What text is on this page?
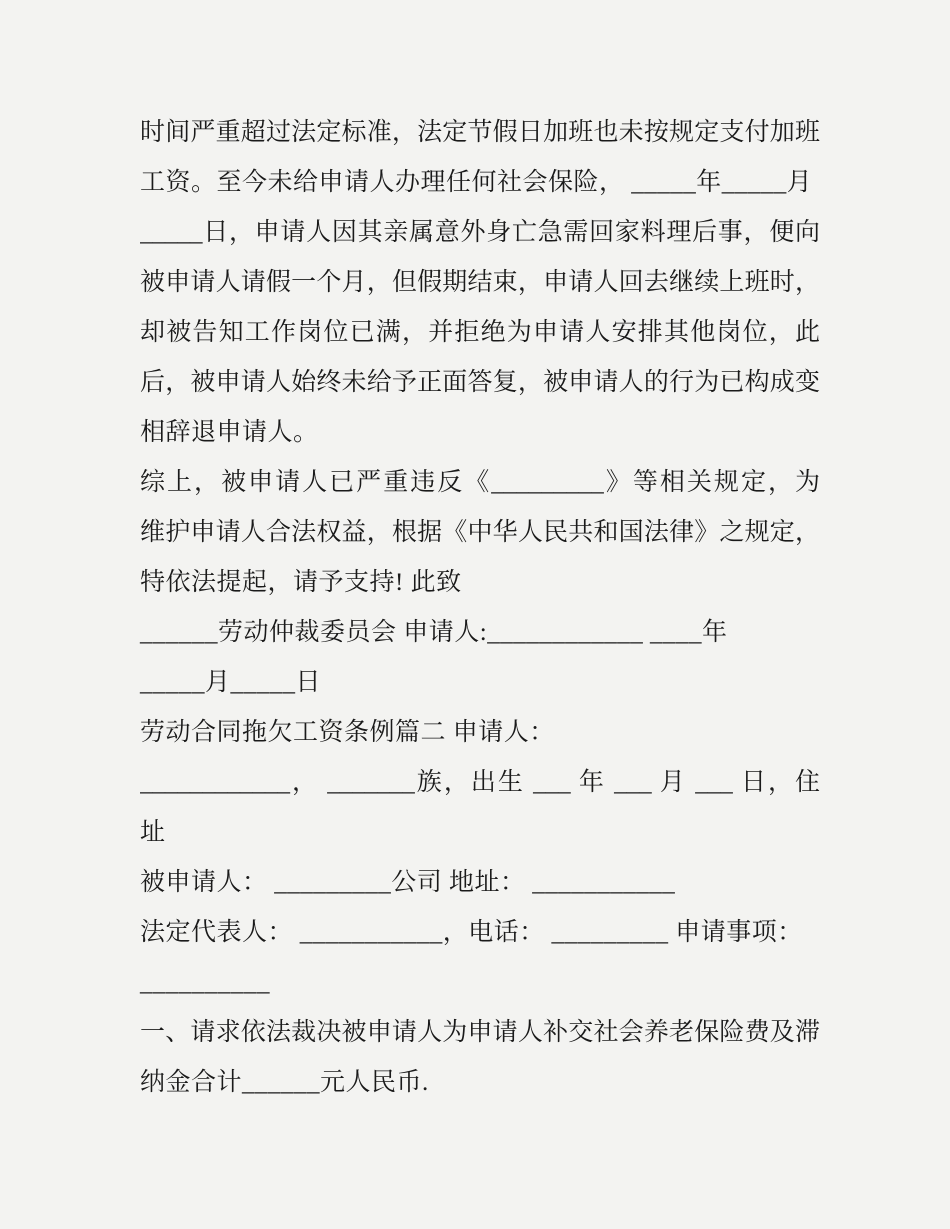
时间严重超过法定标准，法定节假日加班也未按规定支付加班
工资。至今未给申请人办理任何社会保险， _____年_____月
_____日，申请人因其亲属意外身亡急需回家料理后事，便向
被申请人请假一个月，但假期结束，申请人回去继续上班时，
却被告知工作岗位已满，并拒绝为申请人安排其他岗位，此
后，被申请人始终未给予正面答复，被申请人的行为已构成变
相辞退申请人。
综上，被申请人已严重违反《_________》等相关规定，为
维护申请人合法权益，根据《中华人民共和国法律》之规定，
特依法提起，请予支持! 此致
______劳动仲裁委员会 申请人:____________ ____年
_____月_____日
劳动合同拖欠工资条例篇二 申请人：
____________， _______族，出生 ___ 年 ___ 月 ___ 日，住
址
被申请人： _________公司 地址： ___________
法定代表人： ___________，电话： _________ 申请事项：
__________
一、请求依法裁决被申请人为申请人补交社会养老保险费及滞
纳金合计______元人民币.
